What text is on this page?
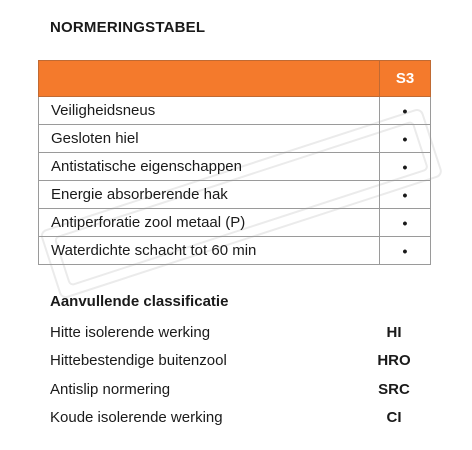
NORMERINGSTABEL
	S3
Veiligheidsneus	•
Gesloten hiel	•
Antistatische eigenschappen	•
Energie absorberende hak	•
Antiperforatie zool metaal (P)	•
Waterdichte schacht tot 60 min	•
Aanvullende classificatie
Hitte isolerende werking	HI
Hittebestendige buitenzool	HRO
Antislip normering	SRC
Koude isolerende werking	CI
